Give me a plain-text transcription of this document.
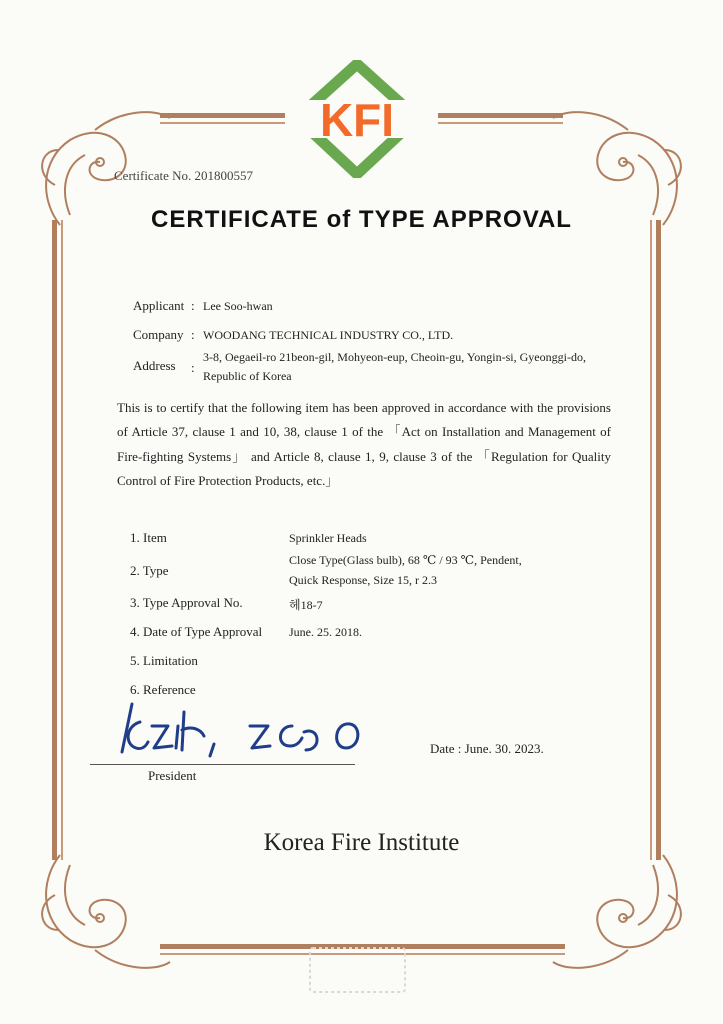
KFI
Certificate No. 201800557
CERTIFICATE of TYPE APPROVAL
Applicant : Lee Soo-hwan
Company : WOODANG TECHNICAL INDUSTRY CO., LTD.
Address :
3-8, Oegaeil-ro 21beon-gil, Mohyeon-eup, Cheoin-gu, Yongin-si, Gyeonggi-do,
Republic of Korea
This is to certify that the following item has been approved in accordance with the provisions of Article 37, clause 1 and 10, 38, clause 1 of the 「Act on Installation and Management of Fire-fighting Systems」 and Article 8, clause 1, 9, clause 3 of the 「Regulation for Quality Control of Fire Protection Products, etc.」
1. Item	Sprinkler Heads
2. Type
Close Type(Glass bulb), 68 ℃ / 93 ℃, Pendent,
Quick Response, Size 15, r 2.3
3. Type Approval No.	헤18-7
4. Date of Type Approval June. 25. 2018.
5. Limitation
6. Reference
President
Date : June. 30. 2023.
Korea Fire Institute
